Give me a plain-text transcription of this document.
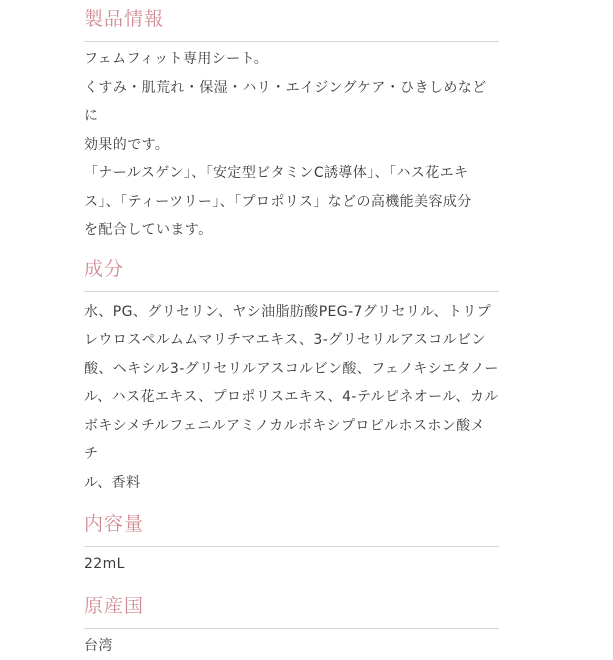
製品情報

フェムフィット専用シート。

くすみ・肌荒れ・保湿・ハリ・エイジングケア・ひきしめなどに

効果的です。

「ナールスゲン」、「安定型ビタミンC誘導体」、「ハス花エキ

ス」、「ティーツリー」、「プロポリス」などの高機能美容成分

を配合しています。

成分

水、PG、グリセリン、ヤシ油脂肪酸PEG-7グリセリル、トリプ

レウロスペルムムマリチマエキス、3-グリセリルアスコルビン

酸、ヘキシル3-グリセリルアスコルビン酸、フェノキシエタノー

ル、ハス花エキス、プロポリスエキス、4-テルピネオール、カル

ボキシメチルフェニルアミノカルボキシプロピルホスホン酸メチ

ル、香料

内容量

22mL

原産国

台湾
